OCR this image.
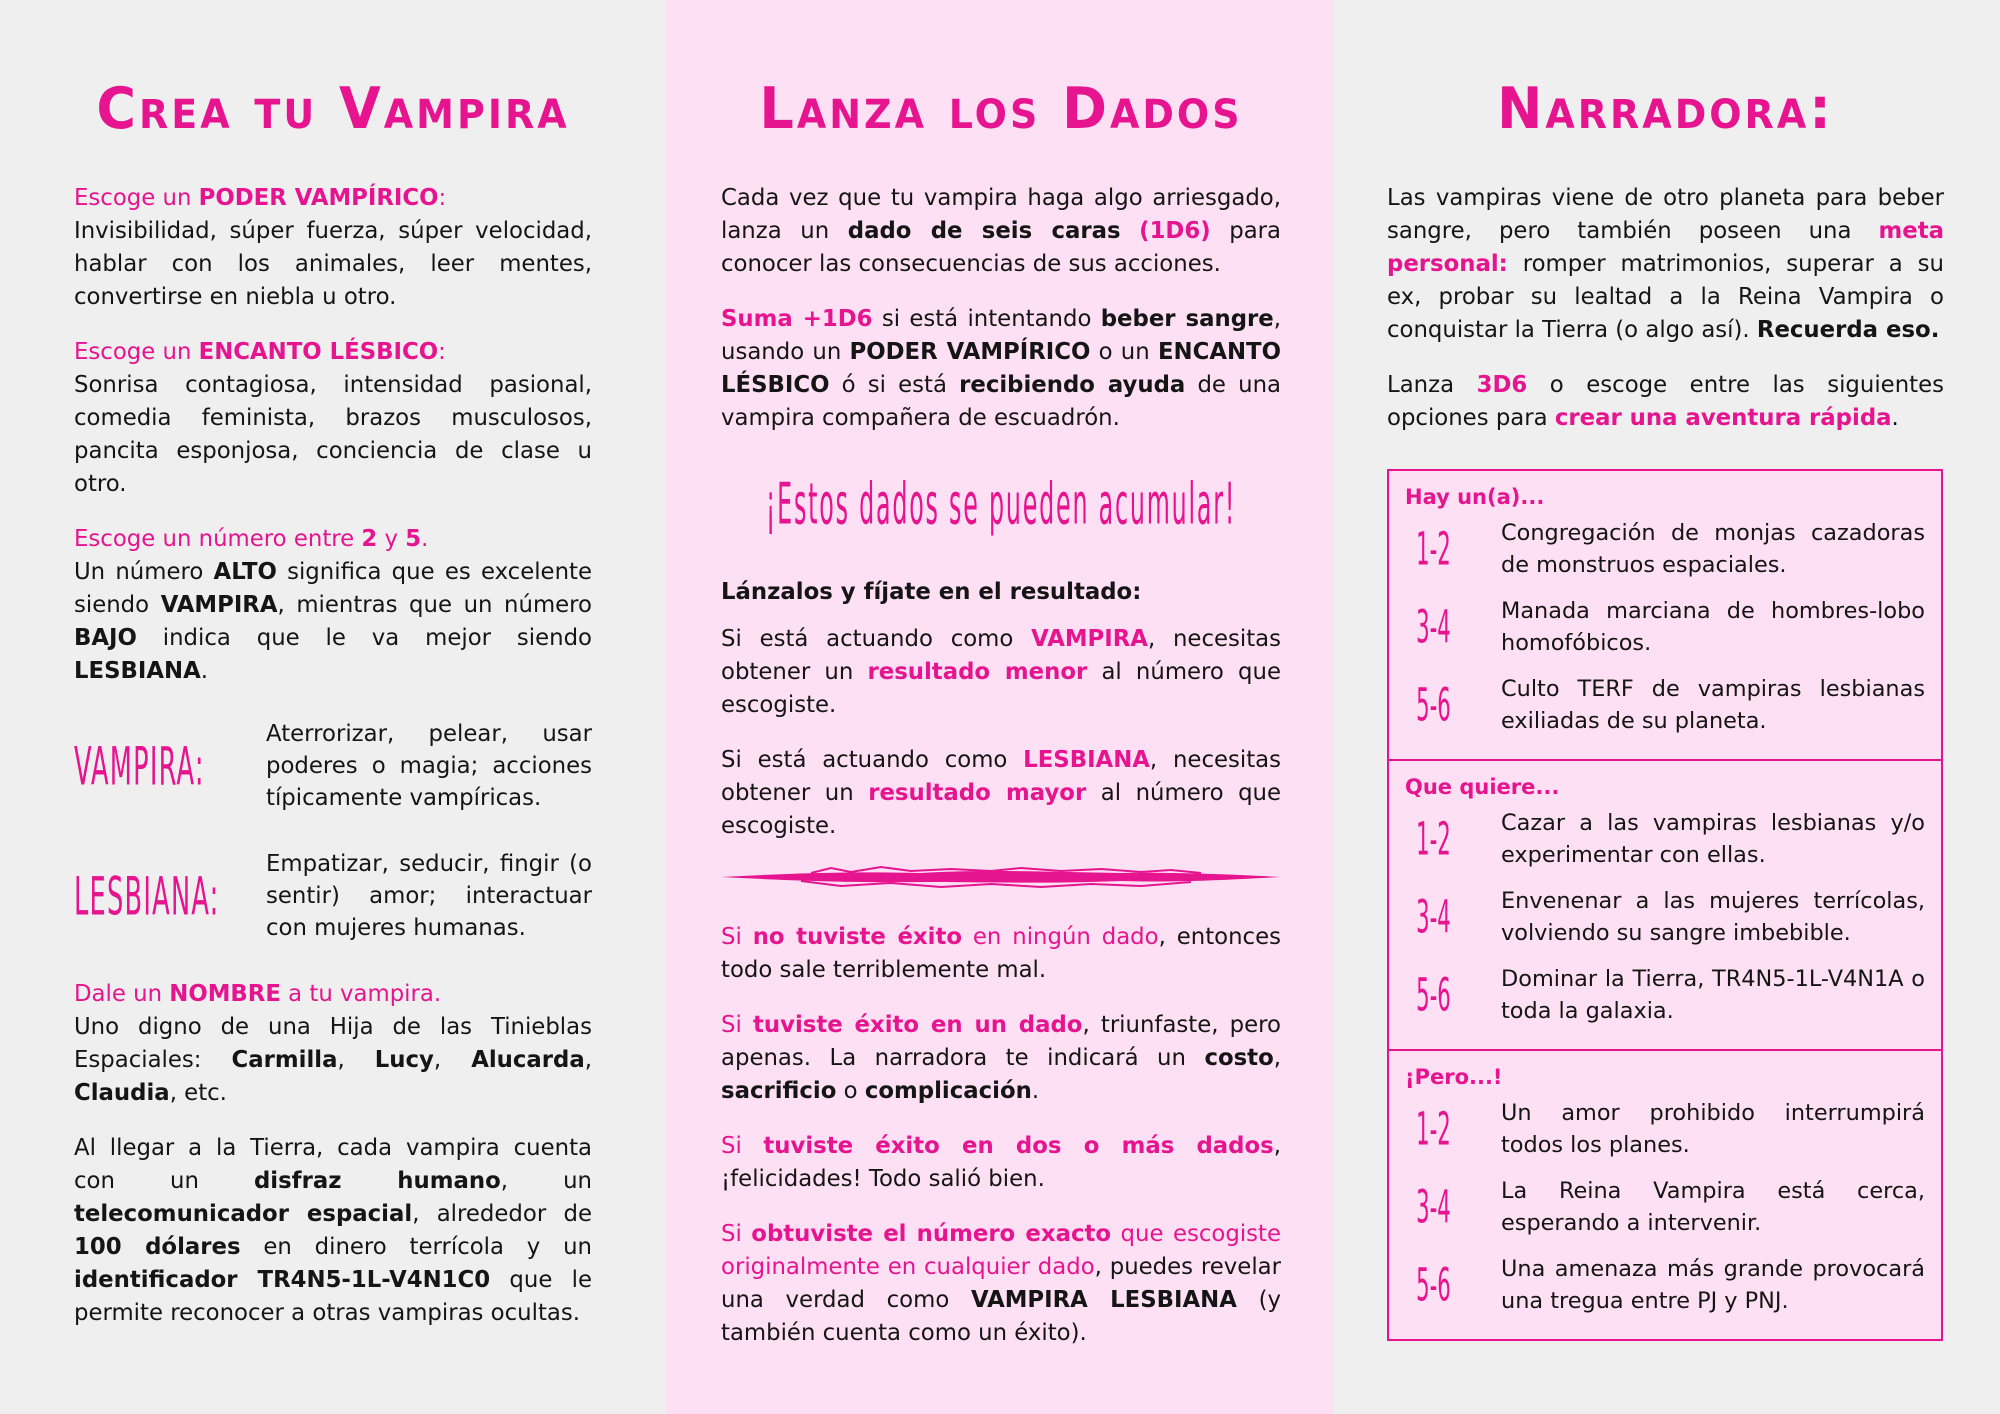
Crea tu Vampira

Escoge un PODER VAMPÍRICO:
Invisibilidad, súper fuerza, súper velocidad, hablar con los animales, leer mentes, convertirse en niebla u otro.

Escoge un ENCANTO LÉSBICO:
Sonrisa contagiosa, intensidad pasional, comedia feminista, brazos musculosos, pancita esponjosa, conciencia de clase u otro.

Escoge un número entre 2 y 5.
Un número ALTO significa que es excelente siendo VAMPIRA, mientras que un número BAJO indica que le va mejor siendo LESBIANA.

VAMPIRA:
Aterrorizar, pelear, usar poderes o magia; acciones típicamente vampíricas.
LESBIANA:
Empatizar, seducir, fingir (o sentir) amor; interactuar con mujeres humanas.

Dale un NOMBRE a tu vampira.
Uno digno de una Hija de las Tinieblas Espaciales: Carmilla, Lucy, Alucarda, Claudia, etc.

Al llegar a la Tierra, cada vampira cuenta con un disfraz humano, un telecomunicador espacial, alrededor de 100 dólares en dinero terrícola y un identificador TR4N5-1L-V4N1C0 que le permite reconocer a otras vampiras ocultas.

Lanza los Dados

Cada vez que tu vampira haga algo arriesgado, lanza un dado de seis caras (1D6) para conocer las consecuencias de sus acciones.

Suma +1D6 si está intentando beber sangre, usando un PODER VAMPÍRICO o un ENCANTO LÉSBICO ó si está recibiendo ayuda de una vampira compañera de escuadrón.

¡Estos dados se pueden acumular!

Lánzalos y fíjate en el resultado:

Si está actuando como VAMPIRA, necesitas obtener un resultado menor al número que escogiste.

Si está actuando como LESBIANA, necesitas obtener un resultado mayor al número que escogiste.

Si no tuviste éxito en ningún dado, entonces todo sale terriblemente mal.

Si tuviste éxito en un dado, triunfaste, pero apenas. La narradora te indicará un costo, sacrificio o complicación.

Si tuviste éxito en dos o más dados, ¡felicidades! Todo salió bien.

Si obtuviste el número exacto que escogiste originalmente en cualquier dado, puedes revelar una verdad como VAMPIRA LESBIANA (y también cuenta como un éxito).

Narradora:

Las vampiras viene de otro planeta para beber sangre, pero también poseen una meta personal: romper matrimonios, superar a su ex, probar su lealtad a la Reina Vampira o conquistar la Tierra (o algo así). Recuerda eso.

Lanza 3D6 o escoge entre las siguientes opciones para crear una aventura rápida.

Hay un(a)...
1-2	Congregación de monjas cazadoras de monstruos espaciales.
3-4	Manada marciana de hombres-lobo homofóbicos.
5-6	Culto TERF de vampiras lesbianas exiliadas de su planeta.
Que quiere...
1-2	Cazar a las vampiras lesbianas y/o experimentar con ellas.
3-4	Envenenar a las mujeres terrícolas, volviendo su sangre imbebible.
5-6	Dominar la Tierra, TR4N5-1L-V4N1A o toda la galaxia.
¡Pero...!
1-2	Un amor prohibido interrumpirá todos los planes.
3-4	La Reina Vampira está cerca, esperando a intervenir.
5-6	Una amenaza más grande provocará una tregua entre PJ y PNJ.
